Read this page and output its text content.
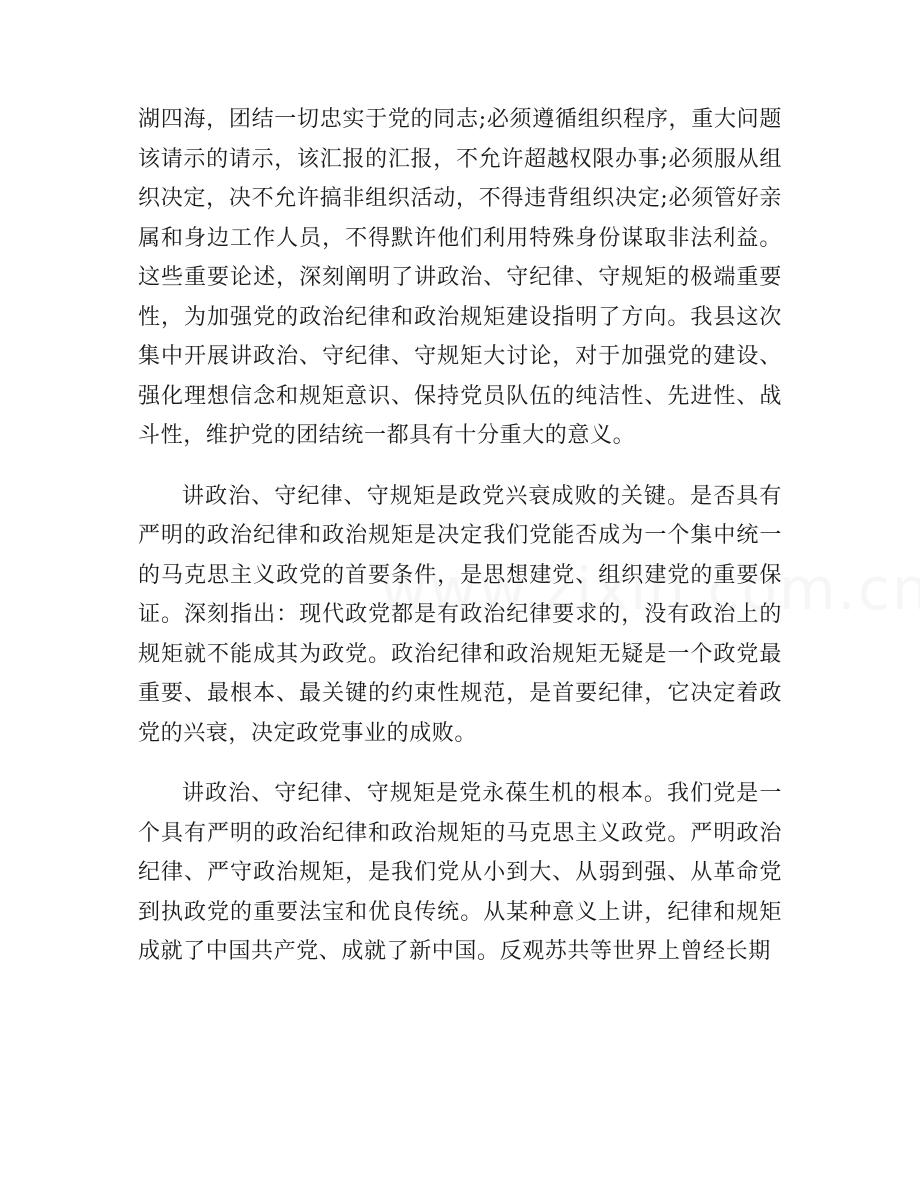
湖四海，团结一切忠实于党的同志;必须遵循组织程序，重大问题该请示的请示，该汇报的汇报，不允许超越权限办事;必须服从组织决定，决不允许搞非组织活动，不得违背组织决定;必须管好亲属和身边工作人员，不得默许他们利用特殊身份谋取非法利益。这些重要论述，深刻阐明了讲政治、守纪律、守规矩的极端重要性，为加强党的政治纪律和政治规矩建设指明了方向。我县这次集中开展讲政治、守纪律、守规矩大讨论，对于加强党的建设、强化理想信念和规矩意识、保持党员队伍的纯洁性、先进性、战斗性，维护党的团结统一都具有十分重大的意义。

讲政治、守纪律、守规矩是政党兴衰成败的关键。是否具有严明的政治纪律和政治规矩是决定我们党能否成为一个集中统一的马克思主义政党的首要条件，是思想建党、组织建党的重要保证。深刻指出：现代政党都是有政治纪律要求的，没有政治上的规矩就不能成其为政党。政治纪律和政治规矩无疑是一个政党最重要、最根本、最关键的约束性规范，是首要纪律，它决定着政党的兴衰，决定政党事业的成败。

讲政治、守纪律、守规矩是党永葆生机的根本。我们党是一个具有严明的政治纪律和政治规矩的马克思主义政党。严明政治纪律、严守政治规矩，是我们党从小到大、从弱到强、从革命党到执政党的重要法宝和优良传统。从某种意义上讲，纪律和规矩成就了中国共产党、成就了新中国。反观苏共等世界上曾经长期
